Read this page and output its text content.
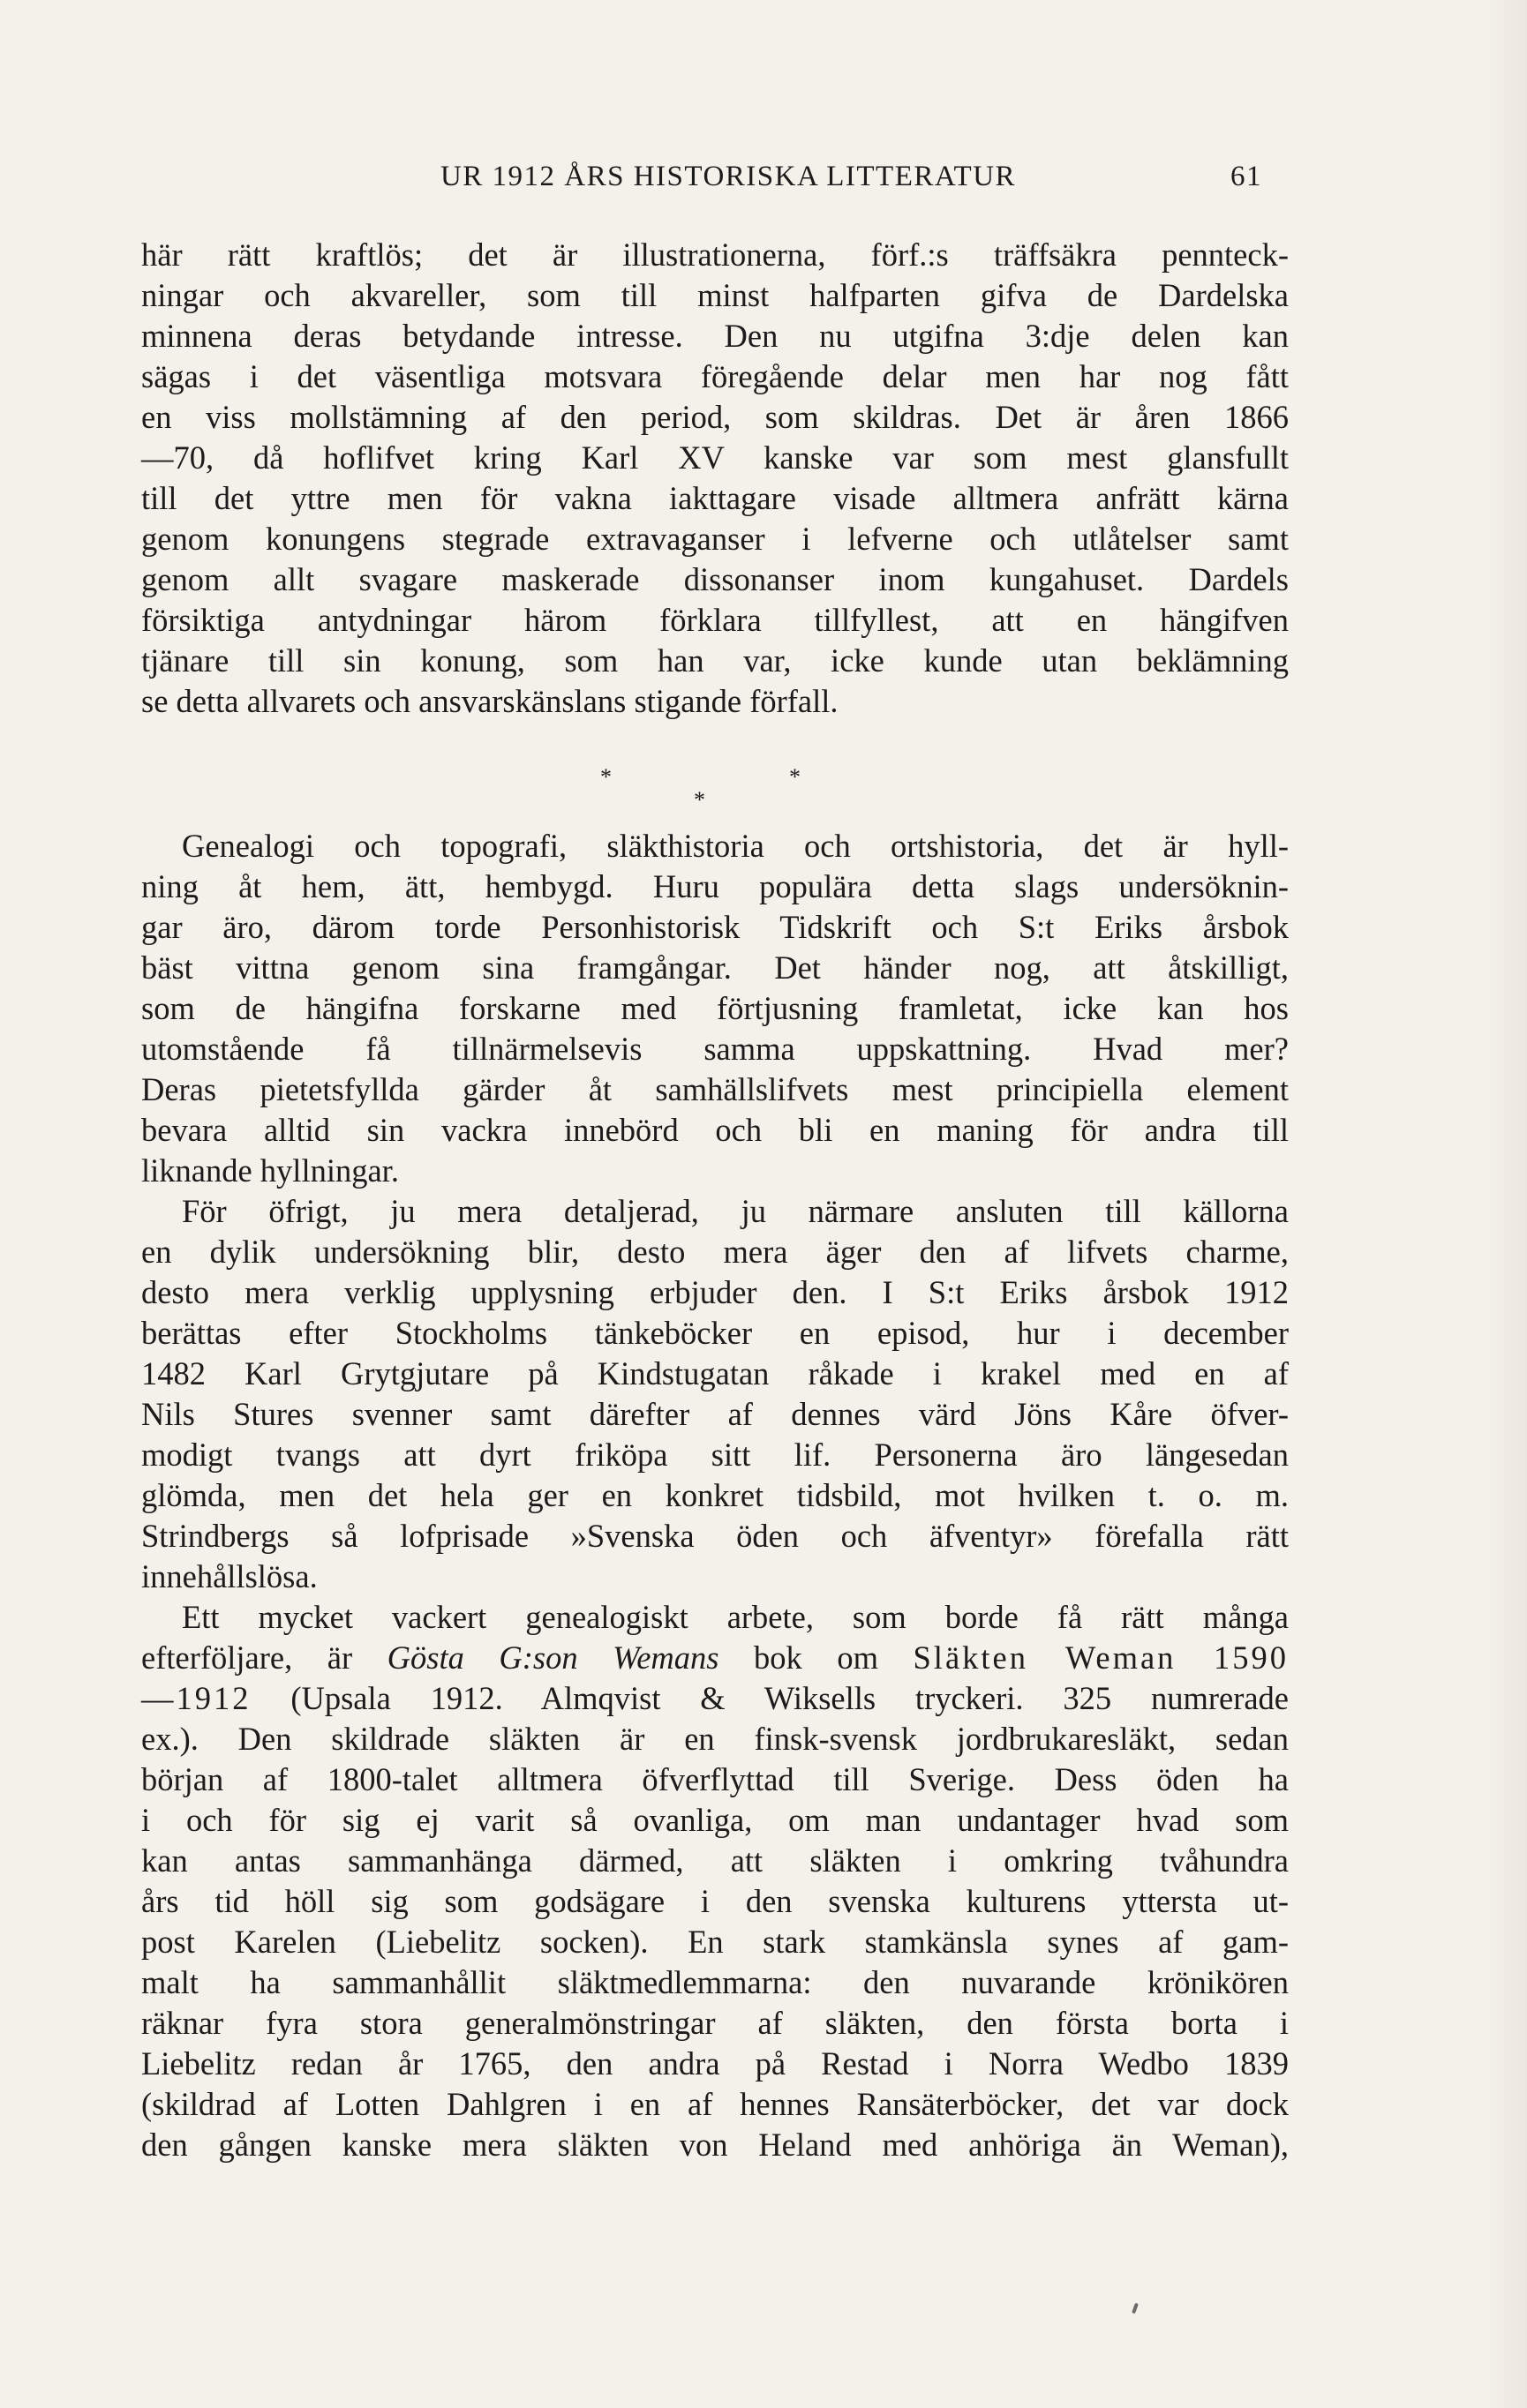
UR 1912 ÅRS HISTORISKA LITTERATUR	61

här rätt kraftlös; det är illustrationerna, förf.:s träffsäkra pennteck-

ningar och akvareller, som till minst halfparten gifva de Dardelska

minnena deras betydande intresse. Den nu utgifna 3:dje delen kan

sägas i det väsentliga motsvara föregående delar men har nog fått

en viss mollstämning af den period, som skildras. Det är åren 1866

—70, då hoflifvet kring Karl XV kanske var som mest glansfullt

till det yttre men för vakna iakttagare visade alltmera anfrätt kärna

genom konungens stegrade extravaganser i lefverne och utlåtelser samt

genom allt svagare maskerade dissonanser inom kungahuset. Dardels

försiktiga antydningar härom förklara tillfyllest, att en hängifven

tjänare till sin konung, som han var, icke kunde utan beklämning

se detta allvarets och ansvarskänslans stigande förfall.

*
*
*

Genealogi och topografi, släkthistoria och ortshistoria, det är hyll-

ning åt hem, ätt, hembygd. Huru populära detta slags undersöknin-

gar äro, därom torde Personhistorisk Tidskrift och S:t Eriks årsbok

bäst vittna genom sina framgångar. Det händer nog, att åtskilligt,

som de hängifna forskarne med förtjusning framletat, icke kan hos

utomstående få tillnärmelsevis samma uppskattning. Hvad mer?

Deras pietetsfyllda gärder åt samhällslifvets mest principiella element

bevara alltid sin vackra innebörd och bli en maning för andra till

liknande hyllningar.

För öfrigt, ju mera detaljerad, ju närmare ansluten till källorna

en dylik undersökning blir, desto mera äger den af lifvets charme,

desto mera verklig upplysning erbjuder den. I S:t Eriks årsbok 1912

berättas efter Stockholms tänkeböcker en episod, hur i december

1482 Karl Grytgjutare på Kindstugatan råkade i krakel med en af

Nils Stures svenner samt därefter af dennes värd Jöns Kåre öfver-

modigt tvangs att dyrt friköpa sitt lif. Personerna äro längesedan

glömda, men det hela ger en konkret tidsbild, mot hvilken t. o. m.

Strindbergs så lofprisade »Svenska öden och äfventyr» förefalla rätt

innehållslösa.

Ett mycket vackert genealogiskt arbete, som borde få rätt många

efterföljare, är Gösta G:son Wemans bok om Släkten Weman 1590

—1912 (Upsala 1912. Almqvist & Wiksells tryckeri. 325 numrerade

ex.). Den skildrade släkten är en finsk-svensk jordbrukaresläkt, sedan

början af 1800-talet alltmera öfverflyttad till Sverige. Dess öden ha

i och för sig ej varit så ovanliga, om man undantager hvad som

kan antas sammanhänga därmed, att släkten i omkring tvåhundra

års tid höll sig som godsägare i den svenska kulturens yttersta ut-

post Karelen (Liebelitz socken). En stark stamkänsla synes af gam-

malt ha sammanhållit släktmedlemmarna: den nuvarande krönikören

räknar fyra stora generalmönstringar af släkten, den första borta i

Liebelitz redan år 1765, den andra på Restad i Norra Wedbo 1839

(skildrad af Lotten Dahlgren i en af hennes Ransäterböcker, det var dock

den gången kanske mera släkten von Heland med anhöriga än Weman),
